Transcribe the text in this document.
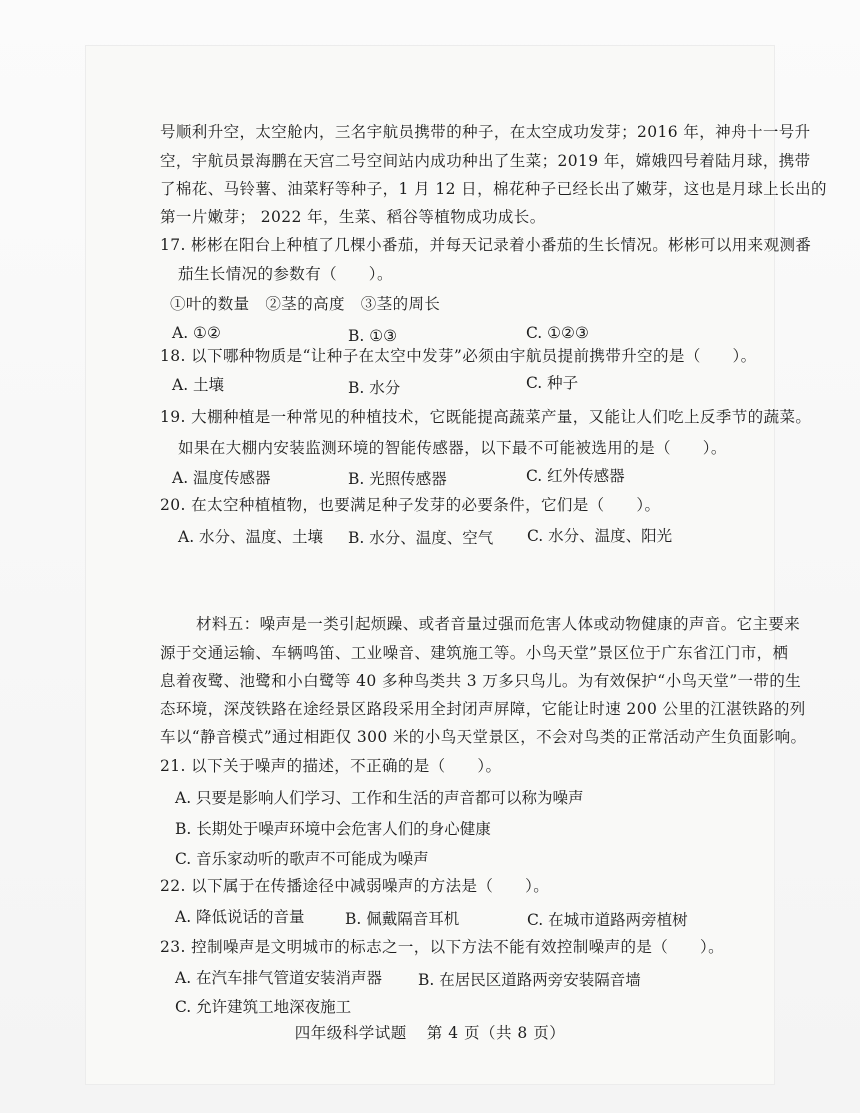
号顺利升空，太空舱内，三名宇航员携带的种子，在太空成功发芽；2016 年，神舟十一号升
空，宇航员景海鹏在天宫二号空间站内成功种出了生菜；2019 年，嫦娥四号着陆月球，携带
了棉花、马铃薯、油菜籽等种子，1 月 12 日，棉花种子已经长出了嫩芽，这也是月球上长出的
第一片嫩芽； 2022 年，生菜、稻谷等植物成功成长。
17. 彬彬在阳台上种植了几棵小番茄，并每天记录着小番茄的生长情况。彬彬可以用来观测番
茄生长情况的参数有（　　）。
①叶的数量　②茎的高度　③茎的周长
A. ①②	B. ①③	C. ①②③
18. 以下哪种物质是“让种子在太空中发芽”必须由宇航员提前携带升空的是（　　）。
A. 土壤	B. 水分	C. 种子
19. 大棚种植是一种常见的种植技术，它既能提高蔬菜产量，又能让人们吃上反季节的蔬菜。
如果在大棚内安装监测环境的智能传感器，以下最不可能被选用的是（　　）。
A. 温度传感器	B. 光照传感器	C. 红外传感器
20. 在太空种植植物，也要满足种子发芽的必要条件，它们是（　　）。
A. 水分、温度、土壤 B. 水分、温度、空气 C. 水分、温度、阳光
材料五：噪声是一类引起烦躁、或者音量过强而危害人体或动物健康的声音。它主要来
源于交通运输、车辆鸣笛、工业噪音、建筑施工等。小鸟天堂”景区位于广东省江门市，栖
息着夜鹭、池鹭和小白鹭等 40 多种鸟类共 3 万多只鸟儿。为有效保护“小鸟天堂”一带的生
态环境，深茂铁路在途经景区路段采用全封闭声屏障，它能让时速 200 公里的江湛铁路的列
车以“静音模式”通过相距仅 300 米的小鸟天堂景区，不会对鸟类的正常活动产生负面影响。
21. 以下关于噪声的描述，不正确的是（　　）。
A. 只要是影响人们学习、工作和生活的声音都可以称为噪声
B. 长期处于噪声环境中会危害人们的身心健康
C. 音乐家动听的歌声不可能成为噪声
22. 以下属于在传播途径中减弱噪声的方法是（　　）。
A. 降低说话的音量	B. 佩戴隔音耳机	C. 在城市道路两旁植树
23. 控制噪声是文明城市的标志之一，以下方法不能有效控制噪声的是（　　）。
A. 在汽车排气管道安装消声器 B. 在居民区道路两旁安装隔音墙
C. 允许建筑工地深夜施工
四年级科学试题 第 4 页（共 8 页）
